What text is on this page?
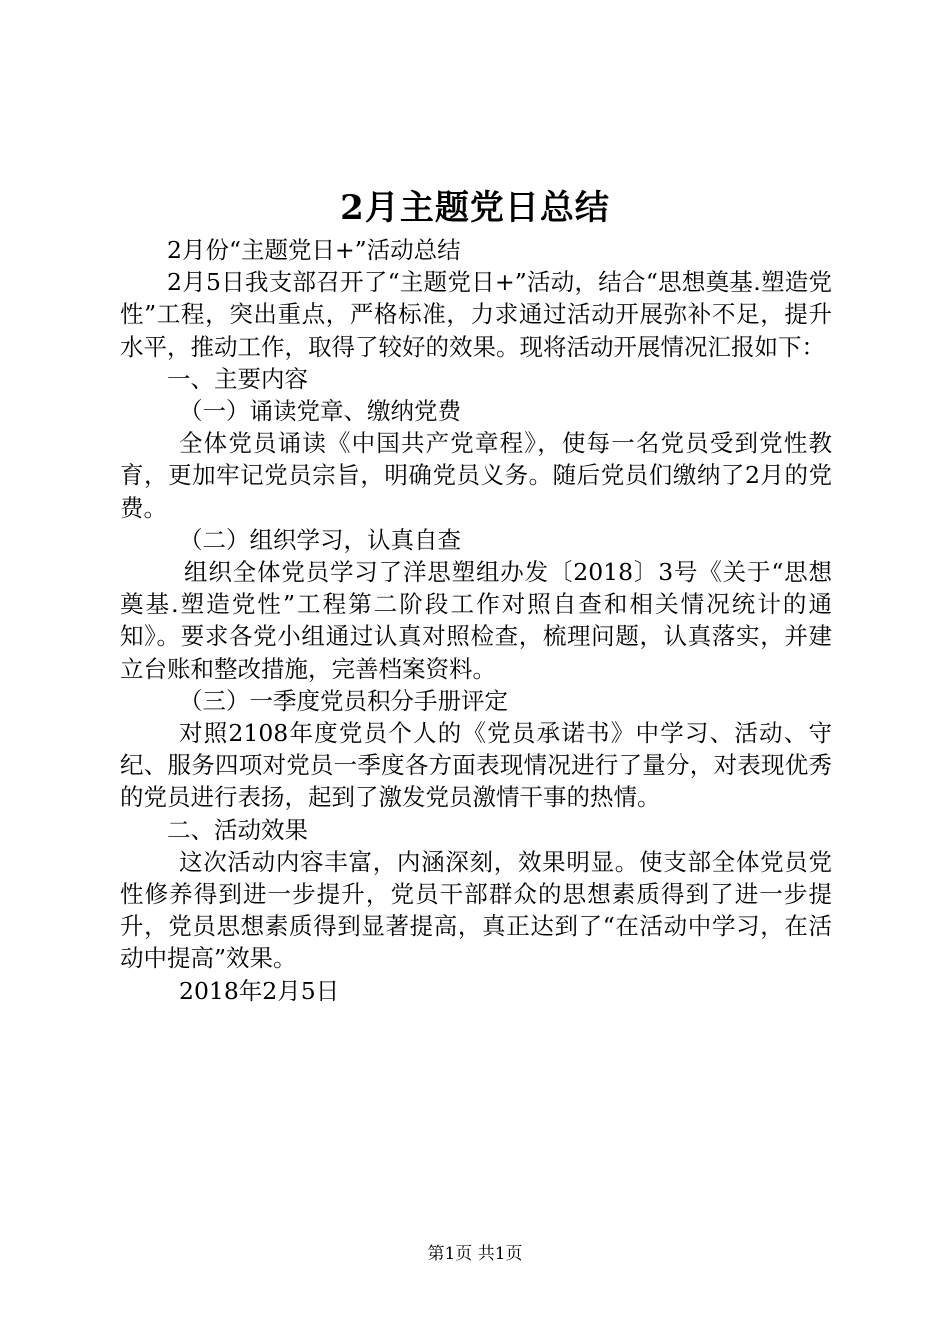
2月主题党日总结

2月份“主题党日+”活动总结

2月5日我支部召开了“主题党日+”活动，结合“思想奠基.塑造党性”工程，突出重点，严格标准，力求通过活动开展弥补不足，提升水平，推动工作，取得了较好的效果。现将活动开展情况汇报如下：

一、主要内容

（一）诵读党章、缴纳党费

全体党员诵读《中国共产党章程》，使每一名党员受到党性教育，更加牢记党员宗旨，明确党员义务。随后党员们缴纳了2月的党费。

（二）组织学习，认真自查

组织全体党员学习了洋思塑组办发〔2018〕3号《关于“思想奠基.塑造党性”工程第二阶段工作对照自查和相关情况统计的通知》。要求各党小组通过认真对照检查，梳理问题，认真落实，并建立台账和整改措施，完善档案资料。

（三）一季度党员积分手册评定

对照2108年度党员个人的《党员承诺书》中学习、活动、守纪、服务四项对党员一季度各方面表现情况进行了量分，对表现优秀的党员进行表扬，起到了激发党员激情干事的热情。

二、活动效果

这次活动内容丰富，内涵深刻，效果明显。使支部全体党员党性修养得到进一步提升，党员干部群众的思想素质得到了进一步提升，党员思想素质得到显著提高，真正达到了“在活动中学习，在活动中提高”效果。

2018年2月5日

第1页 共1页
